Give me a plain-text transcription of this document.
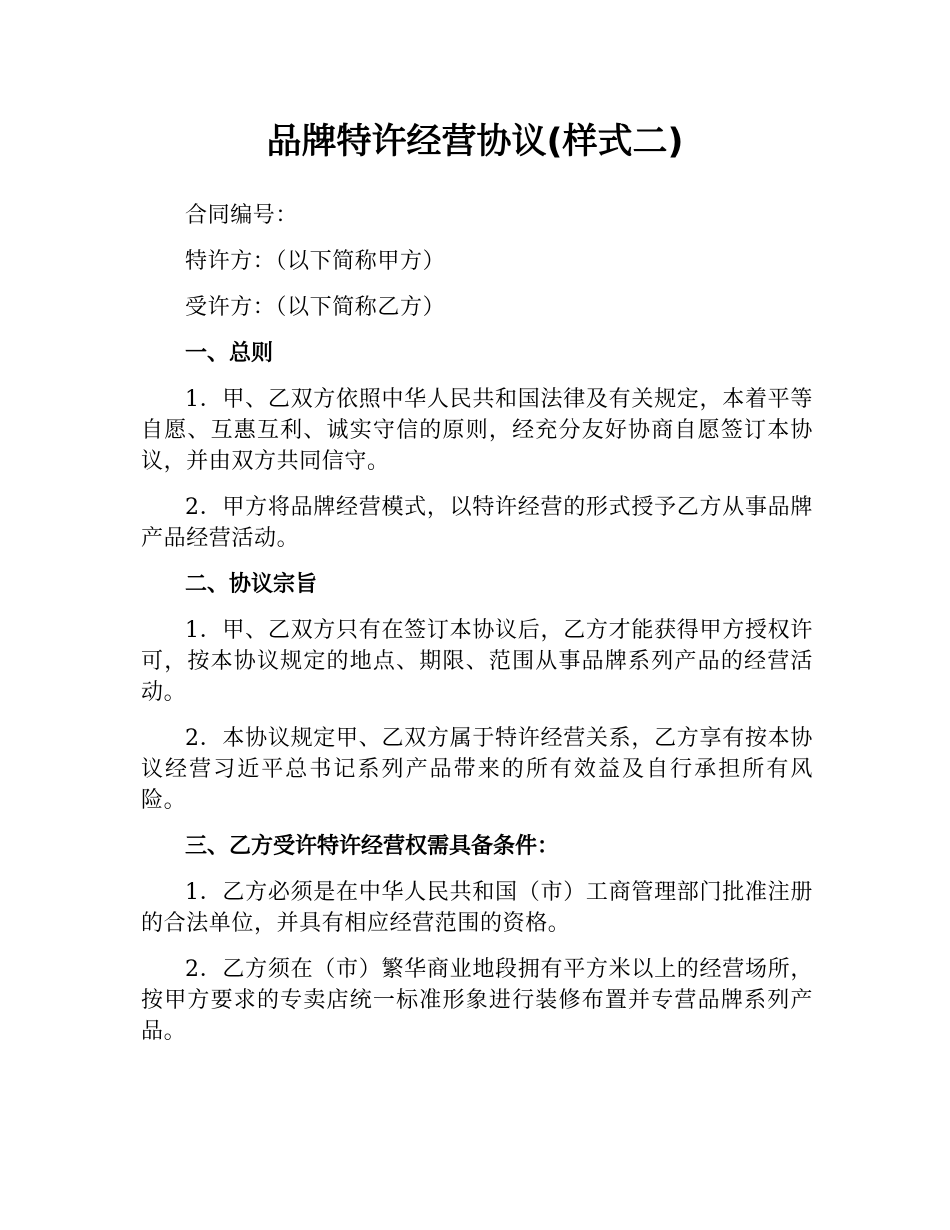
品牌特许经营协议(样式二)

合同编号：

特许方：（以下简称甲方）

受许方：（以下简称乙方）

一、总则

1．甲、乙双方依照中华人民共和国法律及有关规定，本着平等自愿、互惠互利、诚实守信的原则，经充分友好协商自愿签订本协议，并由双方共同信守。

2．甲方将品牌经营模式，以特许经营的形式授予乙方从事品牌产品经营活动。

二、协议宗旨

1．甲、乙双方只有在签订本协议后，乙方才能获得甲方授权许可，按本协议规定的地点、期限、范围从事品牌系列产品的经营活动。

2．本协议规定甲、乙双方属于特许经营关系，乙方享有按本协议经营习近平总书记系列产品带来的所有效益及自行承担所有风险。

三、乙方受许特许经营权需具备条件：

1．乙方必须是在中华人民共和国（市）工商管理部门批准注册的合法单位，并具有相应经营范围的资格。

2．乙方须在（市）繁华商业地段拥有平方米以上的经营场所，按甲方要求的专卖店统一标准形象进行装修布置并专营品牌系列产品。
